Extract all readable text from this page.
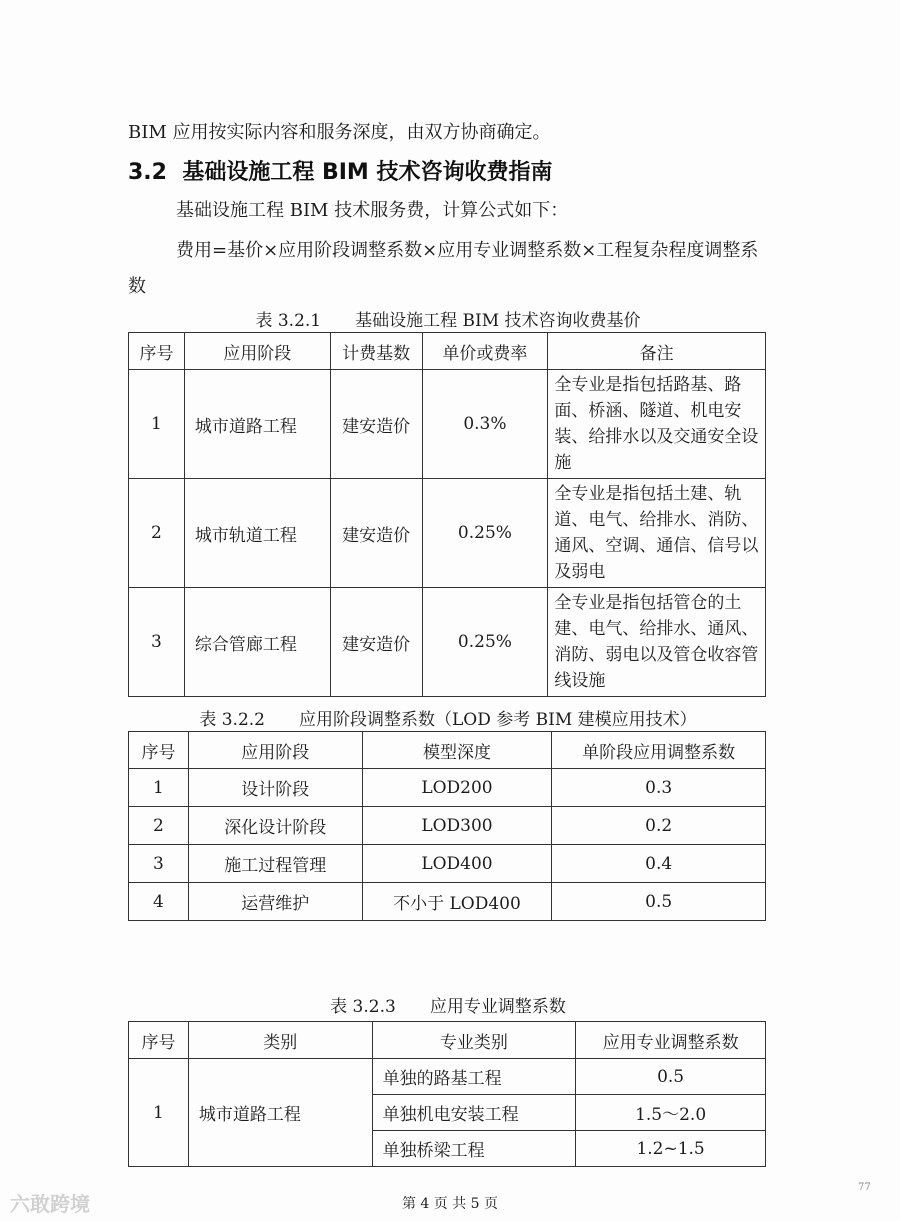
BIM 应用按实际内容和服务深度，由双方协商确定。
3.2 基础设施工程 BIM 技术咨询收费指南
基础设施工程 BIM 技术服务费，计算公式如下：
费用=基价×应用阶段调整系数×应用专业调整系数×工程复杂程度调整系数
表 3.2.1　　基础设施工程 BIM 技术咨询收费基价
序号	应用阶段	计费基数	单价或费率	备注
1	城市道路工程	建安造价	0.3%	全专业是指包括路基、路面、桥涵、隧道、机电安装、给排水以及交通安全设施
2	城市轨道工程	建安造价	0.25%	全专业是指包括土建、轨道、电气、给排水、消防、通风、空调、通信、信号以及弱电
3	综合管廊工程	建安造价	0.25%	全专业是指包括管仓的土建、电气、给排水、通风、消防、弱电以及管仓收容管线设施
表 3.2.2　　应用阶段调整系数（LOD 参考 BIM 建模应用技术）
序号	应用阶段	模型深度	单阶段应用调整系数
1	设计阶段	LOD200	0.3
2	深化设计阶段	LOD300	0.2
3	施工过程管理	LOD400	0.4
4	运营维护	不小于 LOD400	0.5
表 3.2.3　　应用专业调整系数
序号	类别	专业类别	应用专业调整系数
1	城市道路工程	单独的路基工程	0.5
		单独机电安装工程	1.5～2.0
		单独桥梁工程	1.2~1.5
第 4 页 共 5 页
六敢跨境
77
